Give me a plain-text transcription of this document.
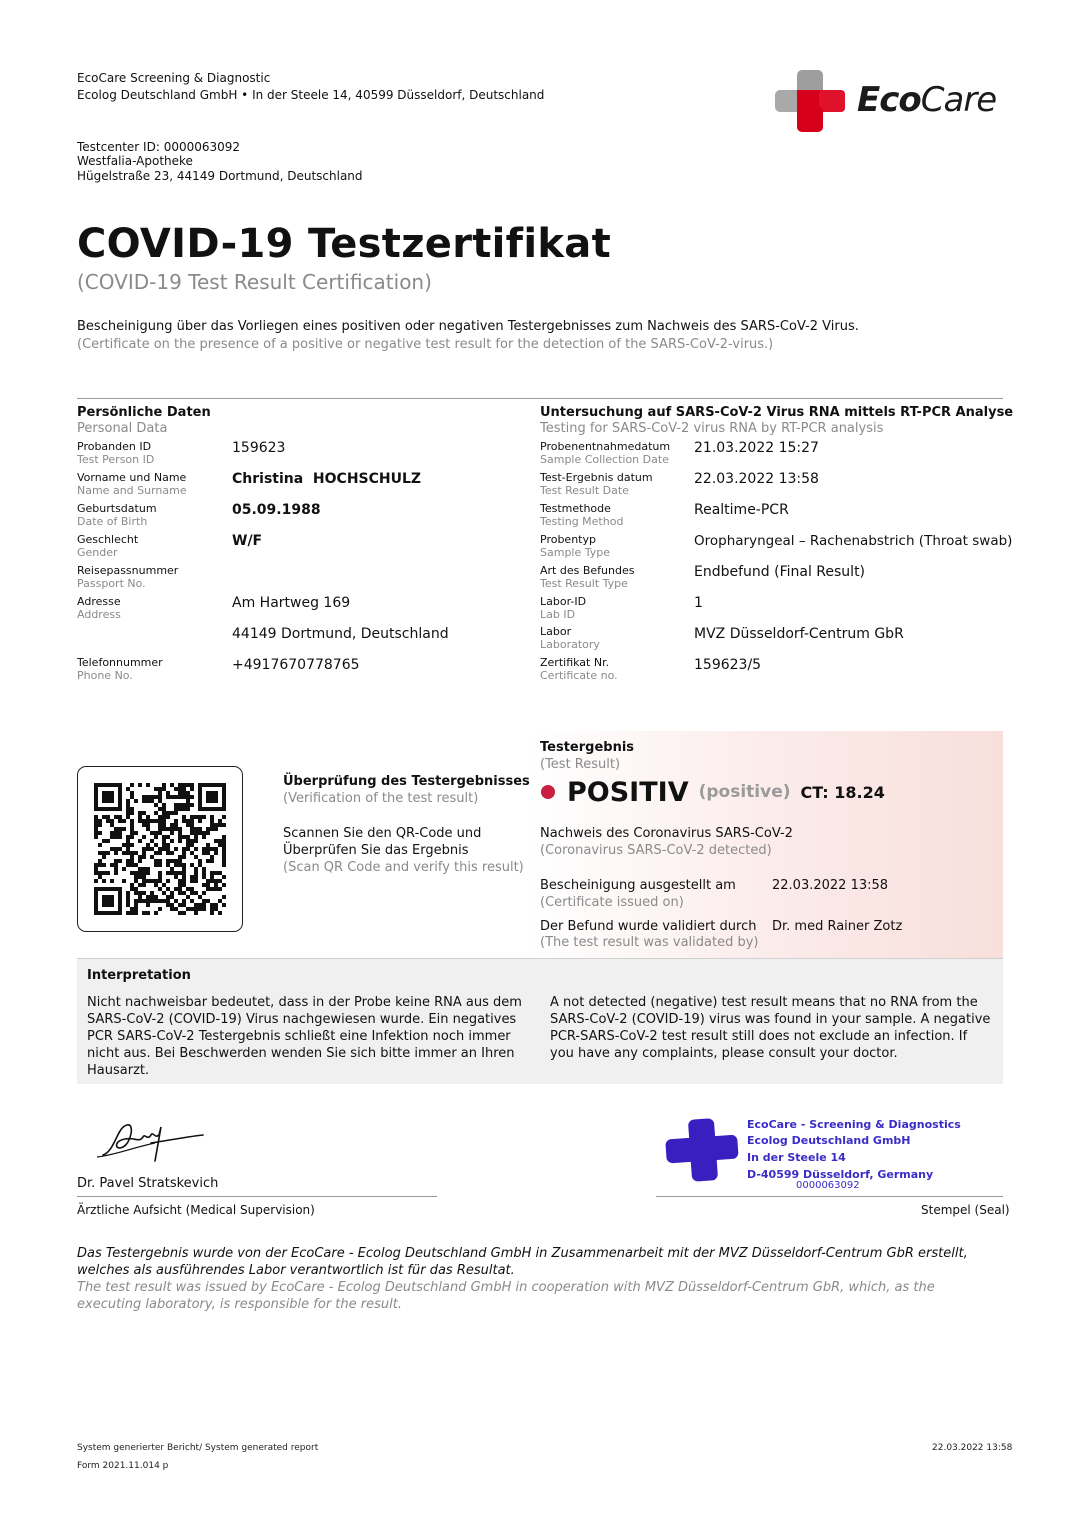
EcoCare Screening & Diagnostic
Ecolog Deutschland GmbH • In der Steele 14, 40599 Düsseldorf, Deutschland	EcoCare
Testcenter ID: 0000063092
Westfalia-Apotheke
Hügelstraße 23, 44149 Dortmund, Deutschland
COVID-19 Testzertifikat
(COVID-19 Test Result Certification)
Bescheinigung über das Vorliegen eines positiven oder negativen Testergebnisses zum Nachweis des SARS-CoV-2 Virus.
(Certificate on the presence of a positive or negative test result for the detection of the SARS-CoV-2-virus.)
Persönliche Daten
Personal Data
Probanden ID
Test Person ID
159623
Vorname und Name
Name and Surname
Christina  HOCHSCHULZ
Geburtsdatum
Date of Birth
05.09.1988
Geschlecht
Gender
W/F
Reisepassnummer
Passport No.
Adresse
Address
Am Hartweg 169
44149 Dortmund, Deutschland
Telefonnummer
Phone No.
+4917670778765
Untersuchung auf SARS-CoV-2 Virus RNA mittels RT-PCR Analyse
Testing for SARS-CoV-2 virus RNA by RT-PCR analysis
Probenentnahmedatum
Sample Collection Date
21.03.2022 15:27
Test-Ergebnis datum
Test Result Date
22.03.2022 13:58
Testmethode
Testing Method
Realtime-PCR
Probentyp
Sample Type
Oropharyngeal – Rachenabstrich (Throat swab)
Art des Befundes
Test Result Type
Endbefund (Final Result)
Labor-ID
Lab ID
1
Labor
Laboratory
MVZ Düsseldorf-Centrum GbR
Zertifikat Nr.
Certificate no.
159623/5
Überprüfung des Testergebnisses
(Verification of the test result)
Scannen Sie den QR-Code und
Überprüfen Sie das Ergebnis
(Scan QR Code and verify this result)
Testergebnis
(Test Result)
POSITIV (positive) CT: 18.24
Nachweis des Coronavirus SARS-CoV-2
(Coronavirus SARS-CoV-2 detected)
Bescheinigung ausgestellt am
(Certificate issued on)
22.03.2022 13:58
Der Befund wurde validiert durch
(The test result was validated by)
Dr. med Rainer Zotz
Interpretation
Nicht nachweisbar bedeutet, dass in der Probe keine RNA aus dem SARS-CoV-2 (COVID-19) Virus nachgewiesen wurde. Ein negatives PCR SARS-CoV-2 Testergebnis schließt eine Infektion noch immer nicht aus. Bei Beschwerden wenden Sie sich bitte immer an Ihren Hausarzt.
A not detected (negative) test result means that no RNA from the SARS-CoV-2 (COVID-19) virus was found in your sample. A negative PCR-SARS-CoV-2 test result still does not exclude an infection. If you have any complaints, please consult your doctor.
Dr. Pavel Stratskevich
Ärztliche Aufsicht (Medical Supervision)
EcoCare - Screening & Diagnostics
Ecolog Deutschland GmbH
In der Steele 14
D-40599 Düsseldorf, Germany
0000063092
Stempel (Seal)
Das Testergebnis wurde von der EcoCare - Ecolog Deutschland GmbH in Zusammenarbeit mit der MVZ Düsseldorf-Centrum GbR erstellt, welches als ausführendes Labor verantwortlich ist für das Resultat.
The test result was issued by EcoCare - Ecolog Deutschland GmbH in cooperation with MVZ Düsseldorf-Centrum GbR, which, as the executing laboratory, is responsible for the result.
System generierter Bericht/ System generated report
Form 2021.11.014 p
22.03.2022 13:58
